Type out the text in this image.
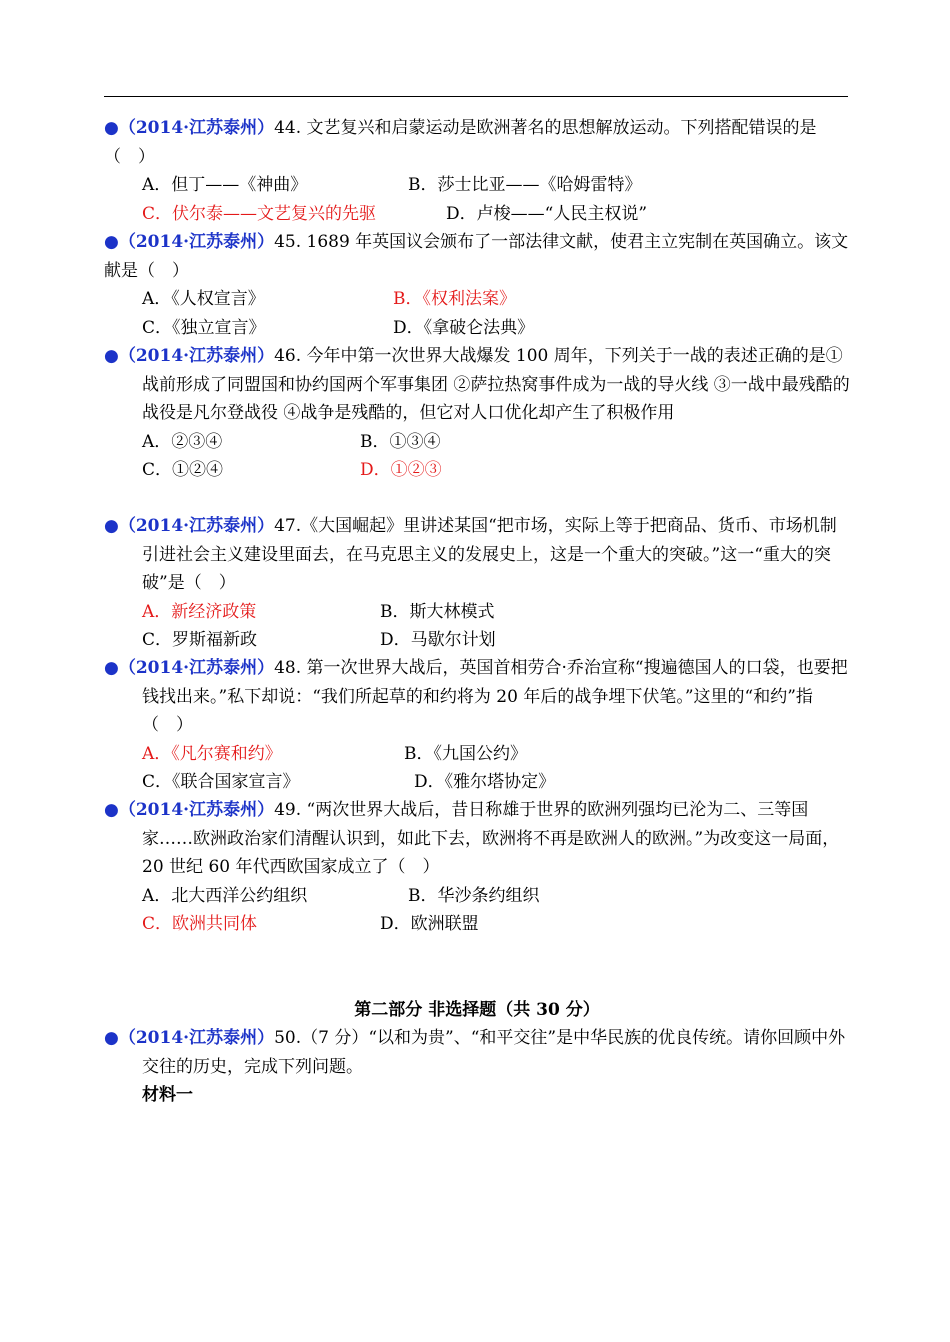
●（2014·江苏泰州）44. 文艺复兴和启蒙运动是欧洲著名的思想解放运动。下列搭配错误的是（　）

A．但丁——《神曲》	B．莎士比亚——《哈姆雷特》
C．伏尔泰——文艺复兴的先驱	D．卢梭——“人民主权说”

●（2014·江苏泰州）45. 1689 年英国议会颁布了一部法律文献，使君主立宪制在英国确立。该文献是（　）

A．《人权宣言》	B．《权利法案》
C．《独立宣言》	D．《拿破仑法典》

●（2014·江苏泰州）46. 今年中第一次世界大战爆发 100 周年，下列关于一战的表述正确的是①战前形成了同盟国和协约国两个军事集团 ②萨拉热窝事件成为一战的导火线 ③一战中最残酷的战役是凡尔登战役 ④战争是残酷的，但它对人口优化却产生了积极作用

A．②③④	B．①③④
C．①②④	D．①②③

●（2014·江苏泰州）47.《大国崛起》里讲述某国“把市场，实际上等于把商品、货币、市场机制引进社会主义建设里面去，在马克思主义的发展史上，这是一个重大的突破。”这一“重大的突破”是（　）

A．新经济政策	B．斯大林模式
C．罗斯福新政	D．马歇尔计划

●（2014·江苏泰州）48. 第一次世界大战后，英国首相劳合·乔治宣称“搜遍德国人的口袋，也要把钱找出来。”私下却说：“我们所起草的和约将为 20 年后的战争埋下伏笔。”这里的“和约”指（　）

A．《凡尔赛和约》	B．《九国公约》
C．《联合国家宣言》	D．《雅尔塔协定》

●（2014·江苏泰州）49. “两次世界大战后，昔日称雄于世界的欧洲列强均已沦为二、三等国家……欧洲政治家们清醒认识到，如此下去，欧洲将不再是欧洲人的欧洲。”为改变这一局面，20 世纪 60 年代西欧国家成立了（　）

A．北大西洋公约组织	B．华沙条约组织
C．欧洲共同体	D．欧洲联盟
第二部分 非选择题（共 30 分）

●（2014·江苏泰州）50.（7 分）“以和为贵”、“和平交往”是中华民族的优良传统。请你回顾中外交往的历史，完成下列问题。

材料一
